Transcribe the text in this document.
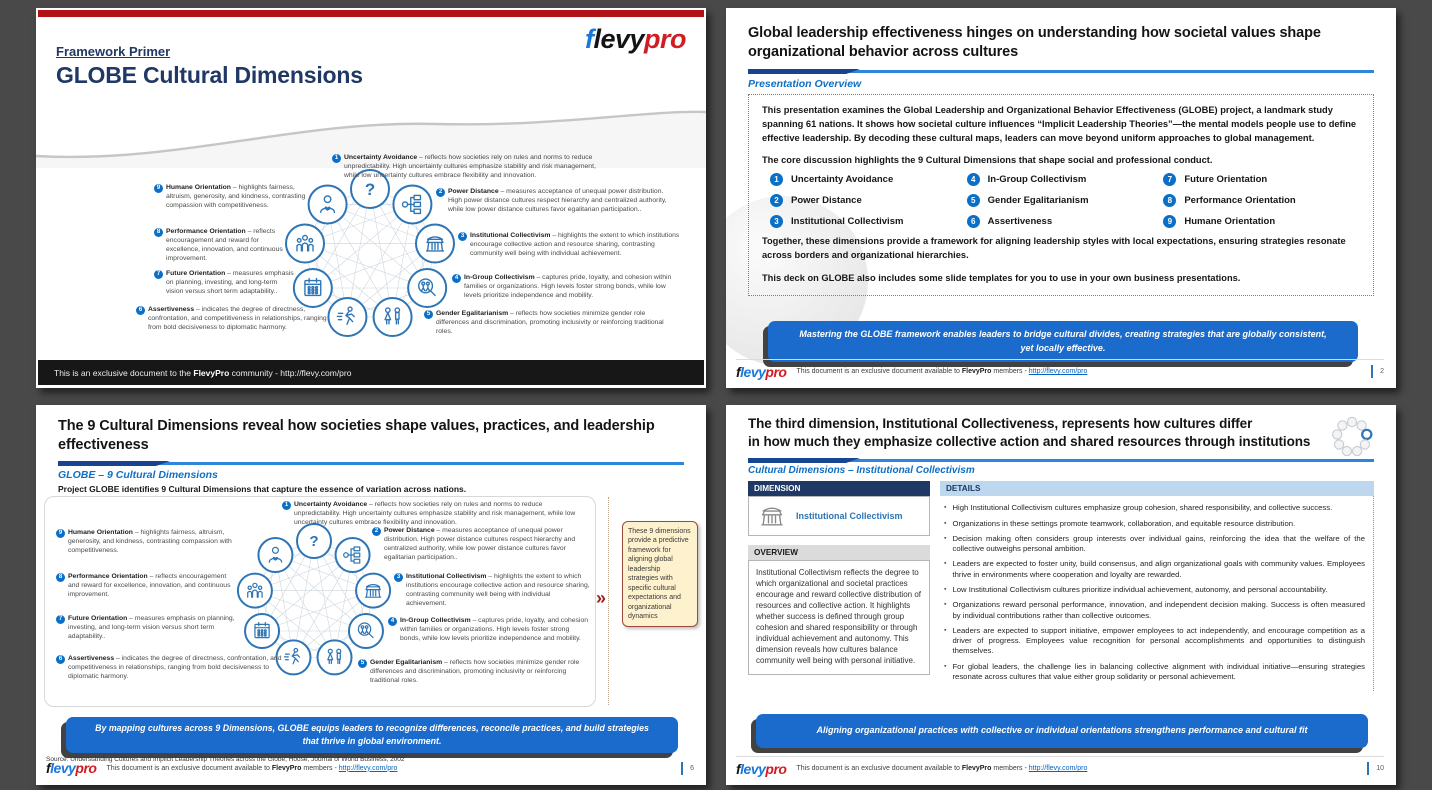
flevypro
Framework Primer
GLOBE Cultural Dimensions
This is an exclusive document to the FlevyPro community - http://flevy.com/pro
?
1 Uncertainty Avoidance – reflects how societies rely on rules and norms to reduce unpredictability. High uncertainty cultures emphasize stability and risk management, while low uncertainty cultures embrace flexibility and innovation.
9 Humane Orientation – highlights fairness, altruism, generosity, and kindness, contrasting compassion with competitiveness.
8 Performance Orientation – reflects encouragement and reward for excellence, innovation, and continuous improvement.
7 Future Orientation – measures emphasis on planning, investing, and long-term vision versus short term adaptability..
6 Assertiveness – indicates the degree of directness, confrontation, and competitiveness in relationships, ranging from bold decisiveness to diplomatic harmony.
2 Power Distance – measures acceptance of unequal power distribution. High power distance cultures respect hierarchy and centralized authority, while low power distance cultures favor egalitarian participation..
3 Institutional Collectivism – highlights the extent to which institutions encourage collective action and resource sharing, contrasting community well being with individual achievement.
4 In-Group Collectivism – captures pride, loyalty, and cohesion within families or organizations. High levels foster strong bonds, while low levels prioritize independence and mobility.
5 Gender Egalitarianism – reflects how societies minimize gender role differences and discrimination, promoting inclusivity or reinforcing traditional roles.
Global leadership effectiveness hinges on understanding how societal values shape organizational behavior across cultures
Presentation Overview

This presentation examines the Global Leadership and Organizational Behavior Effectiveness (GLOBE) project, a landmark study spanning 61 nations. It shows how societal culture influences “Implicit Leadership Theories”—the mental models people use to define effective leadership. By decoding these cultural maps, leaders can move beyond uniform approaches to global management.

The core discussion highlights the 9 Cultural Dimensions that shape social and professional conduct.

1	Uncertainty Avoidance
2	Power Distance
3	Institutional Collectivism
4	In-Group Collectivism
5	Gender Egalitarianism
6	Assertiveness
7	Future Orientation
8	Performance Orientation
9	Humane Orientation

Together, these dimensions provide a framework for aligning leadership styles with local expectations, ensuring strategies resonate across borders and organizational hierarchies.

This deck on GLOBE also includes some slide templates for you to use in your own business presentations.

Mastering the GLOBE framework enables leaders to bridge cultural divides, creating strategies that are globally consistent, yet locally effective.
flevypro This document is an exclusive document available to FlevyPro members - http://flevy.com/pro	2
The 9 Cultural Dimensions reveal how societies shape values, practices, and leadership effectiveness
GLOBE – 9 Cultural Dimensions
Project GLOBE identifies 9 Cultural Dimensions that capture the essence of variation across nations.
»
These 9 dimensions provide a predictive framework for aligning global leadership strategies with specific cultural expectations and organizational dynamics
By mapping cultures across 9 Dimensions, GLOBE equips leaders to recognize differences, reconcile practices, and build strategies that thrive in global environment.
Source: Understanding Cultures and Implicit Leadership Theories across the Globe, House, Journal of World Business, 2002
flevypro This document is an exclusive document available to FlevyPro members - http://flevy.com/pro	6
?
1 Uncertainty Avoidance – reflects how societies rely on rules and norms to reduce unpredictability. High uncertainty cultures emphasize stability and risk management, while low uncertainty cultures embrace flexibility and innovation.
9 Humane Orientation – highlights fairness, altruism, generosity, and kindness, contrasting compassion with competitiveness.
8 Performance Orientation – reflects encouragement and reward for excellence, innovation, and continuous improvement.
7 Future Orientation – measures emphasis on planning, investing, and long-term vision versus short term adaptability..
6 Assertiveness – indicates the degree of directness, confrontation, and competitiveness in relationships, ranging from bold decisiveness to diplomatic harmony.
2 Power Distance – measures acceptance of unequal power distribution. High power distance cultures respect hierarchy and centralized authority, while low power distance cultures favor egalitarian participation..
3 Institutional Collectivism – highlights the extent to which institutions encourage collective action and resource sharing, contrasting community well being with individual achievement.
4 In-Group Collectivism – captures pride, loyalty, and cohesion within families or organizations. High levels foster strong bonds, while low levels prioritize independence and mobility.
5 Gender Egalitarianism – reflects how societies minimize gender role differences and discrimination, promoting inclusivity or reinforcing traditional roles.
The third dimension, Institutional Collectiveness, represents how cultures differ
in how much they emphasize collective action and shared resources through institutions
Cultural Dimensions – Institutional Collectivism
DIMENSION
Institutional Collectivism
OVERVIEW
Institutional Collectivism reflects the degree to which organizational and societal practices encourage and reward collective distribution of resources and collective action. It highlights whether success is defined through group cohesion and shared responsibility or through individual achievement and autonomy. This dimension reveals how cultures balance community well being with personal initiative.
DETAILS
▪ High Institutional Collectivism cultures emphasize group cohesion, shared responsibility, and collective success.
▪ Organizations in these settings promote teamwork, collaboration, and equitable resource distribution.
▪ Decision making often considers group interests over individual gains, reinforcing the idea that the welfare of the collective outweighs personal ambition.
▪ Leaders are expected to foster unity, build consensus, and align organizational goals with community values. Employees thrive in environments where cooperation and loyalty are rewarded.
▪ Low Institutional Collectivism cultures prioritize individual achievement, autonomy, and personal accountability.
▪ Organizations reward personal performance, innovation, and independent decision making. Success is often measured by individual contributions rather than collective outcomes.
▪ Leaders are expected to support initiative, empower employees to act independently, and encourage competition as a driver of progress. Employees value recognition for personal accomplishments and opportunities to distinguish themselves.
▪ For global leaders, the challenge lies in balancing collective alignment with individual initiative—ensuring strategies resonate across cultures that value either group solidarity or personal achievement.
Aligning organizational practices with collective or individual orientations strengthens performance and cultural fit
flevypro This document is an exclusive document available to FlevyPro members - http://flevy.com/pro	10
